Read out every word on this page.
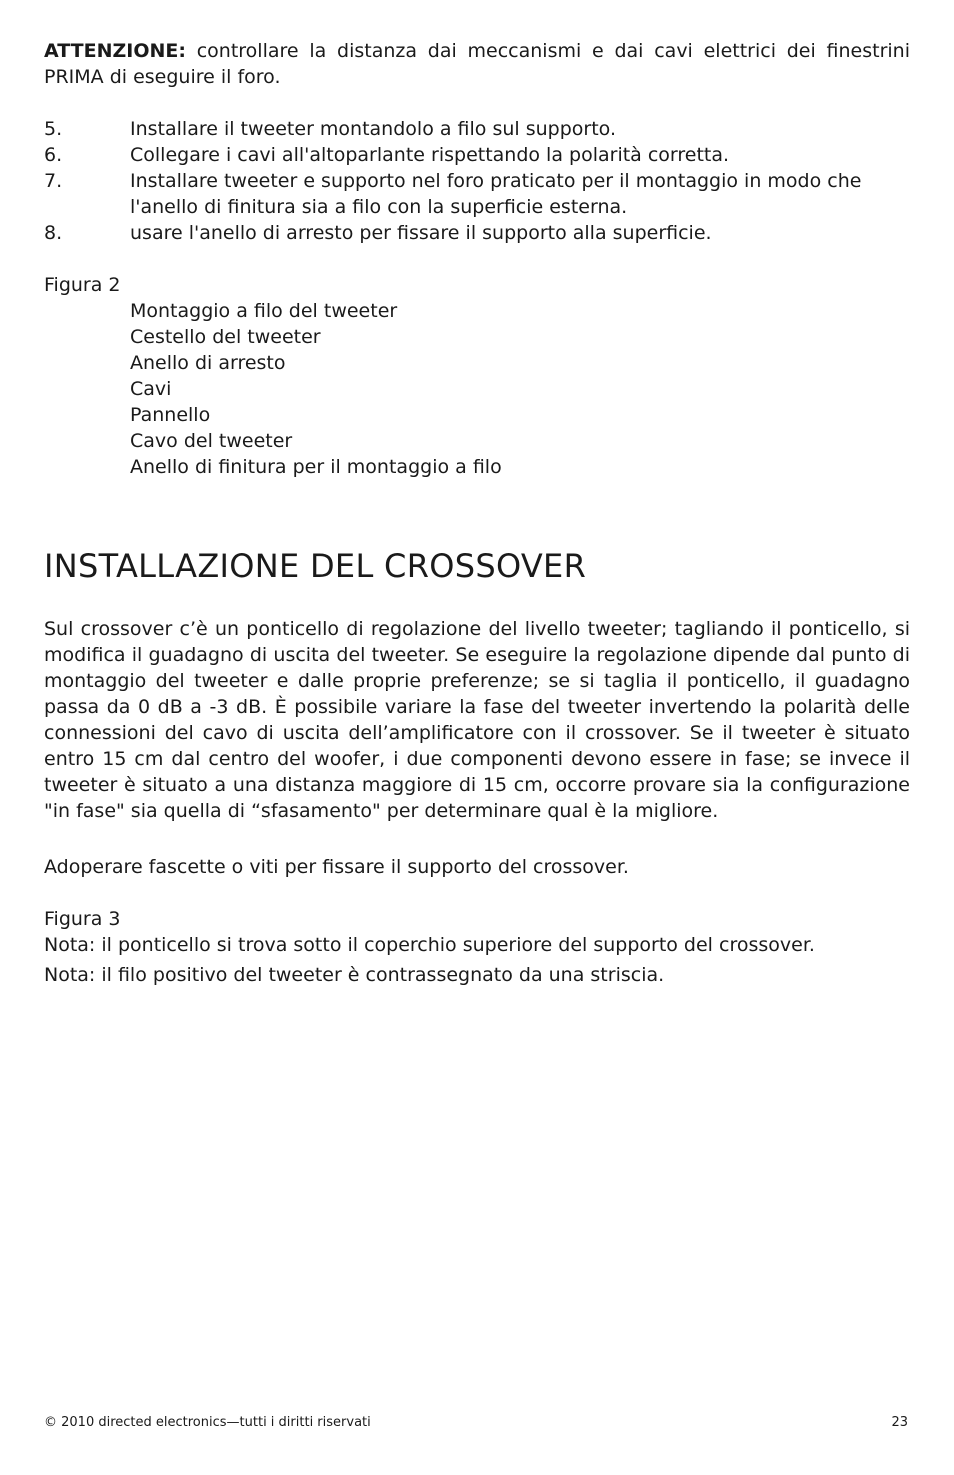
ATTENZIONE: controllare la distanza dai meccanismi e dai cavi elettrici dei finestrini PRIMA di eseguire il foro.

5.	Installare il tweeter montandolo a filo sul supporto.
6.	Collegare i cavi all'altoparlante rispettando la polarità corretta.
7.	Installare tweeter e supporto nel foro praticato per il montaggio in modo che l'anello di finitura sia a filo con la superficie esterna.
8.	usare l'anello di arresto per fissare il supporto alla superficie.
Figura 2
Montaggio a filo del tweeter
Cestello del tweeter
Anello di arresto
Cavi
Pannello
Cavo del tweeter
Anello di finitura per il montaggio a filo
INSTALLAZIONE DEL CROSSOVER

Sul crossover c’è un ponticello di regolazione del livello tweeter; tagliando il ponticello, si modifica il guadagno di uscita del tweeter. Se eseguire la regolazione dipende dal punto di montaggio del tweeter e dalle proprie preferenze; se si taglia il ponticello, il guadagno passa da 0 dB a -3 dB. È possibile variare la fase del tweeter invertendo la polarità delle connessioni del cavo di uscita dell’amplificatore con il crossover. Se il tweeter è situato entro 15 cm dal centro del woofer, i due componenti devono essere in fase; se invece il tweeter è situato a una distanza maggiore di 15 cm, occorre provare sia la configurazione "in fase" sia quella di “sfasamento" per determinare qual è la migliore.

Adoperare fascette o viti per fissare il supporto del crossover.

Figura 3
Nota: il ponticello si trova sotto il coperchio superiore del supporto del crossover.
Nota: il filo positivo del tweeter è contrassegnato da una striscia.
© 2010 directed electronics—tutti i diritti riservati	23
